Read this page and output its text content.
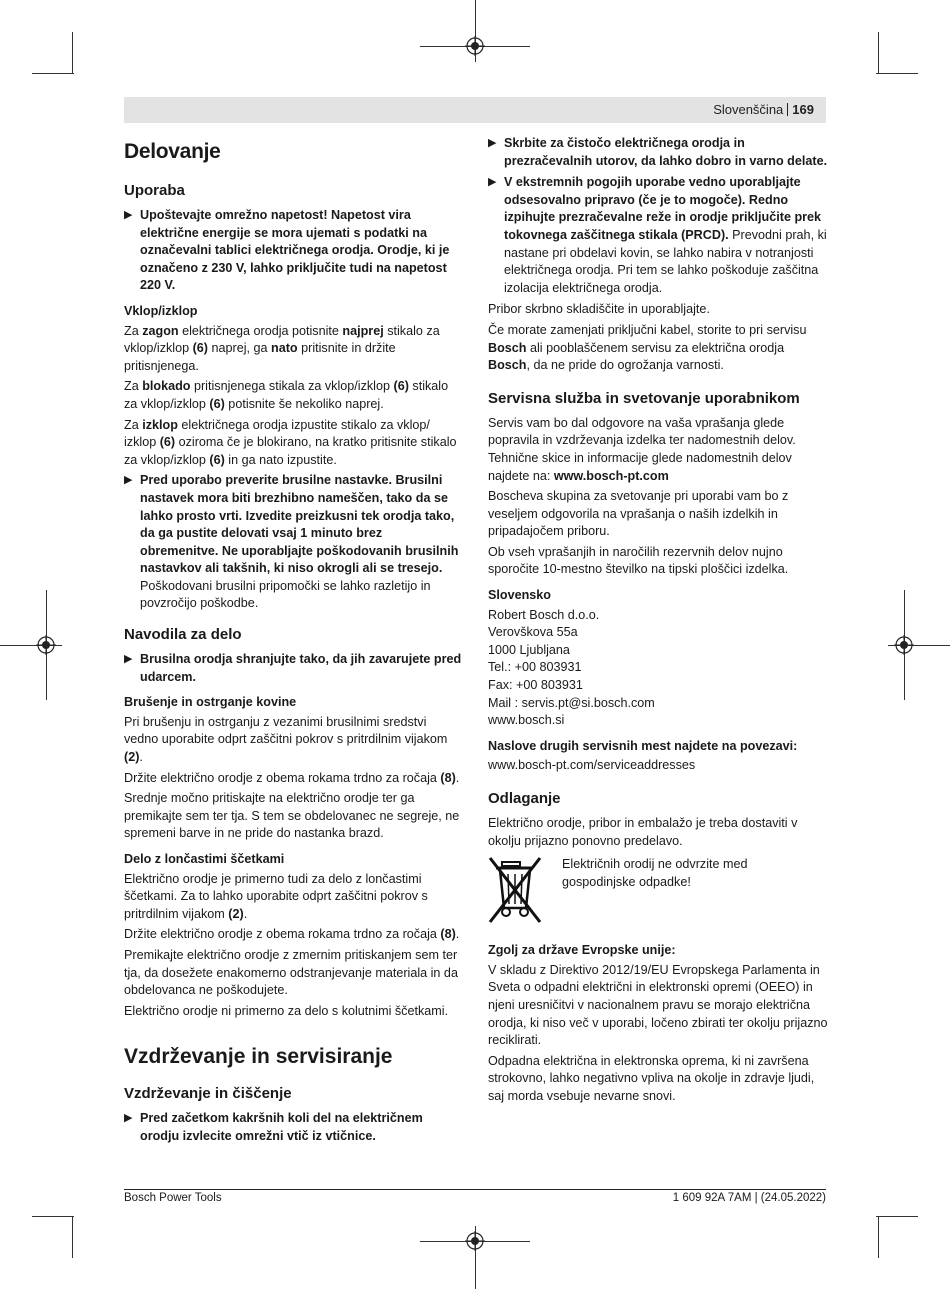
Slovenščina 169
Delovanje
Uporaba
▶ Upoštevajte omrežno napetost! Napetost vira električne energije se mora ujemati s podatki na označevalni tablici električnega orodja. Orodje, ki je označeno z 230 V, lahko priključite tudi na napetost 220 V.
Vklop/izklop

Za zagon električnega orodja potisnite najprej stikalo za vklop/izklop (6) naprej, ga nato pritisnite in držite pritisnjenega.

Za blokado pritisnjenega stikala za vklop/izklop (6) stikalo za vklop/izklop (6) potisnite še nekoliko naprej.

Za izklop električnega orodja izpustite stikalo za vklop/ izklop (6) oziroma če je blokirano, na kratko pritisnite stikalo za vklop/izklop (6) in ga nato izpustite.

▶ Pred uporabo preverite brusilne nastavke. Brusilni nastavek mora biti brezhibno nameščen, tako da se lahko prosto vrti. Izvedite preizkusni tek orodja tako, da ga pustite delovati vsaj 1 minuto brez obremenitve. Ne uporabljajte poškodovanih brusilnih nastavkov ali takšnih, ki niso okrogli ali se tresejo. Poškodovani brusilni pripomočki se lahko razletijo in povzročijo poškodbe.
Navodila za delo
▶ Brusilna orodja shranjujte tako, da jih zavarujete pred udarcem.
Brušenje in ostrganje kovine

Pri brušenju in ostrganju z vezanimi brusilnimi sredstvi vedno uporabite odprt zaščitni pokrov s pritrdilnim vijakom (2).

Držite električno orodje z obema rokama trdno za ročaja (8).

Srednje močno pritiskajte na električno orodje ter ga premikajte sem ter tja. S tem se obdelovanec ne segreje, ne spremeni barve in ne pride do nastanka brazd.

Delo z lončastimi ščetkami

Električno orodje je primerno tudi za delo z lončastimi ščetkami. Za to lahko uporabite odprt zaščitni pokrov s pritrdilnim vijakom (2).

Držite električno orodje z obema rokama trdno za ročaja (8).

Premikajte električno orodje z zmernim pritiskanjem sem ter tja, da dosežete enakomerno odstranjevanje materiala in da obdelovanca ne poškodujete.

Električno orodje ni primerno za delo s kolutnimi ščetkami.

Vzdrževanje in servisiranje
Vzdrževanje in čiščenje
▶ Pred začetkom kakršnih koli del na električnem orodju izvlecite omrežni vtič iz vtičnice.
▶ Skrbite za čistočo električnega orodja in prezračevalnih utorov, da lahko dobro in varno delate.
▶ V ekstremnih pogojih uporabe vedno uporabljajte odsesovalno pripravo (če je to mogoče). Redno izpihujte prezračevalne reže in orodje priključite prek tokovnega zaščitnega stikala (PRCD). Prevodni prah, ki nastane pri obdelavi kovin, se lahko nabira v notranjosti električnega orodja. Pri tem se lahko poškoduje zaščitna izolacija električnega orodja.

Pribor skrbno skladiščite in uporabljajte.

Če morate zamenjati priključni kabel, storite to pri servisu Bosch ali pooblaščenem servisu za električna orodja Bosch, da ne pride do ogrožanja varnosti.

Servisna služba in svetovanje uporabnikom

Servis vam bo dal odgovore na vaša vprašanja glede popravila in vzdrževanja izdelka ter nadomestnih delov. Tehnične skice in informacije glede nadomestnih delov najdete na: www.bosch-pt.com

Boscheva skupina za svetovanje pri uporabi vam bo z veseljem odgovorila na vprašanja o naših izdelkih in pripadajočem priboru.

Ob vseh vprašanjih in naročilih rezervnih delov nujno sporočite 10-mestno številko na tipski ploščici izdelka.

Slovensko
Robert Bosch d.o.o.
Verovškova 55a
1000 Ljubljana
Tel.: +00 803931
Fax: +00 803931
Mail : servis.pt@si.bosch.com
www.bosch.si
Naslove drugih servisnih mest najdete na povezavi:

www.bosch-pt.com/serviceaddresses

Odlaganje

Električno orodje, pribor in embalažo je treba dostaviti v okolju prijazno ponovno predelavo.

Električnih orodij ne odvrzite med gospodinjske odpadke!
Zgolj za države Evropske unije:

V skladu z Direktivo 2012/19/EU Evropskega Parlamenta in Sveta o odpadni električni in elektronski opremi (OEEO) in njeni uresničitvi v nacionalnem pravu se morajo električna orodja, ki niso več v uporabi, ločeno zbirati ter okolju prijazno reciklirati.

Odpadna električna in elektronska oprema, ki ni završena strokovno, lahko negativno vpliva na okolje in zdravje ljudi, saj morda vsebuje nevarne snovi.

Bosch Power Tools	1 609 92A 7AM | (24.05.2022)
